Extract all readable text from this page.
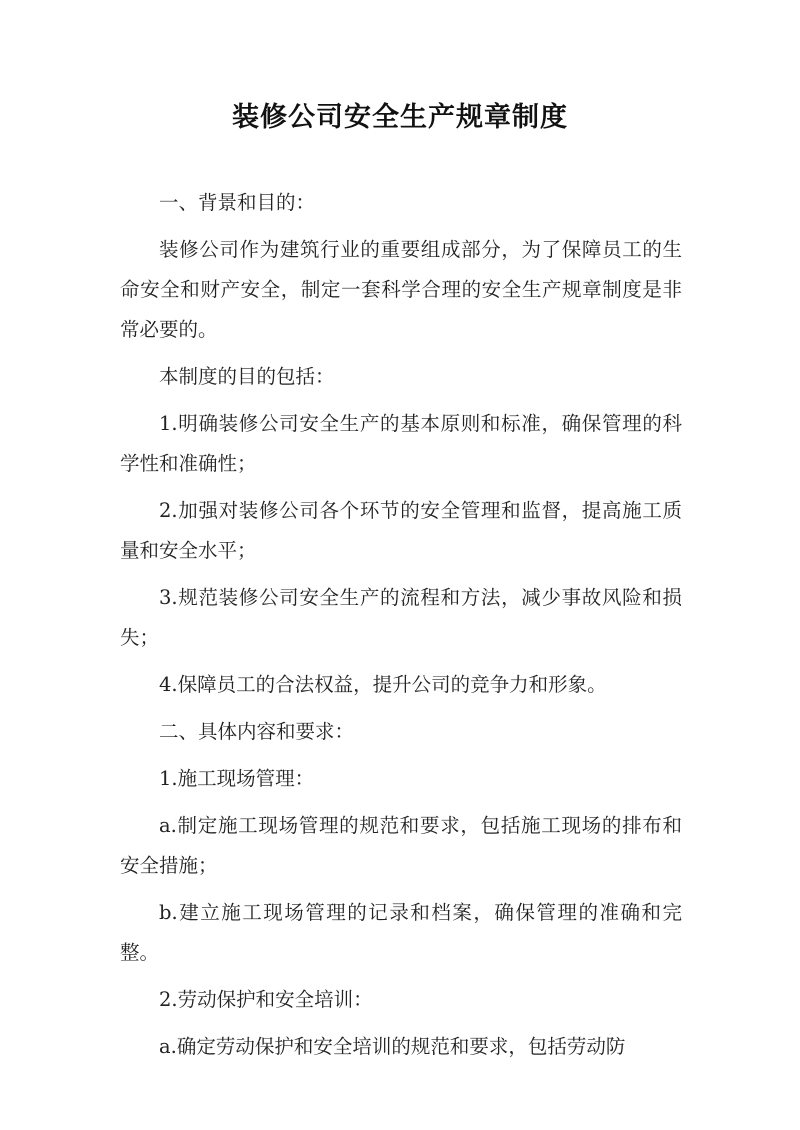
装修公司安全生产规章制度

一、背景和目的：

装修公司作为建筑行业的重要组成部分，为了保障员工的生命安全和财产安全，制定一套科学合理的安全生产规章制度是非常必要的。

本制度的目的包括：

1.明确装修公司安全生产的基本原则和标准，确保管理的科学性和准确性；

2.加强对装修公司各个环节的安全管理和监督，提高施工质量和安全水平；

3.规范装修公司安全生产的流程和方法，减少事故风险和损失；

4.保障员工的合法权益，提升公司的竞争力和形象。

二、具体内容和要求：

1.施工现场管理：

a.制定施工现场管理的规范和要求，包括施工现场的排布和安全措施；

b.建立施工现场管理的记录和档案，确保管理的准确和完整。

2.劳动保护和安全培训：

a.确定劳动保护和安全培训的规范和要求，包括劳动防
